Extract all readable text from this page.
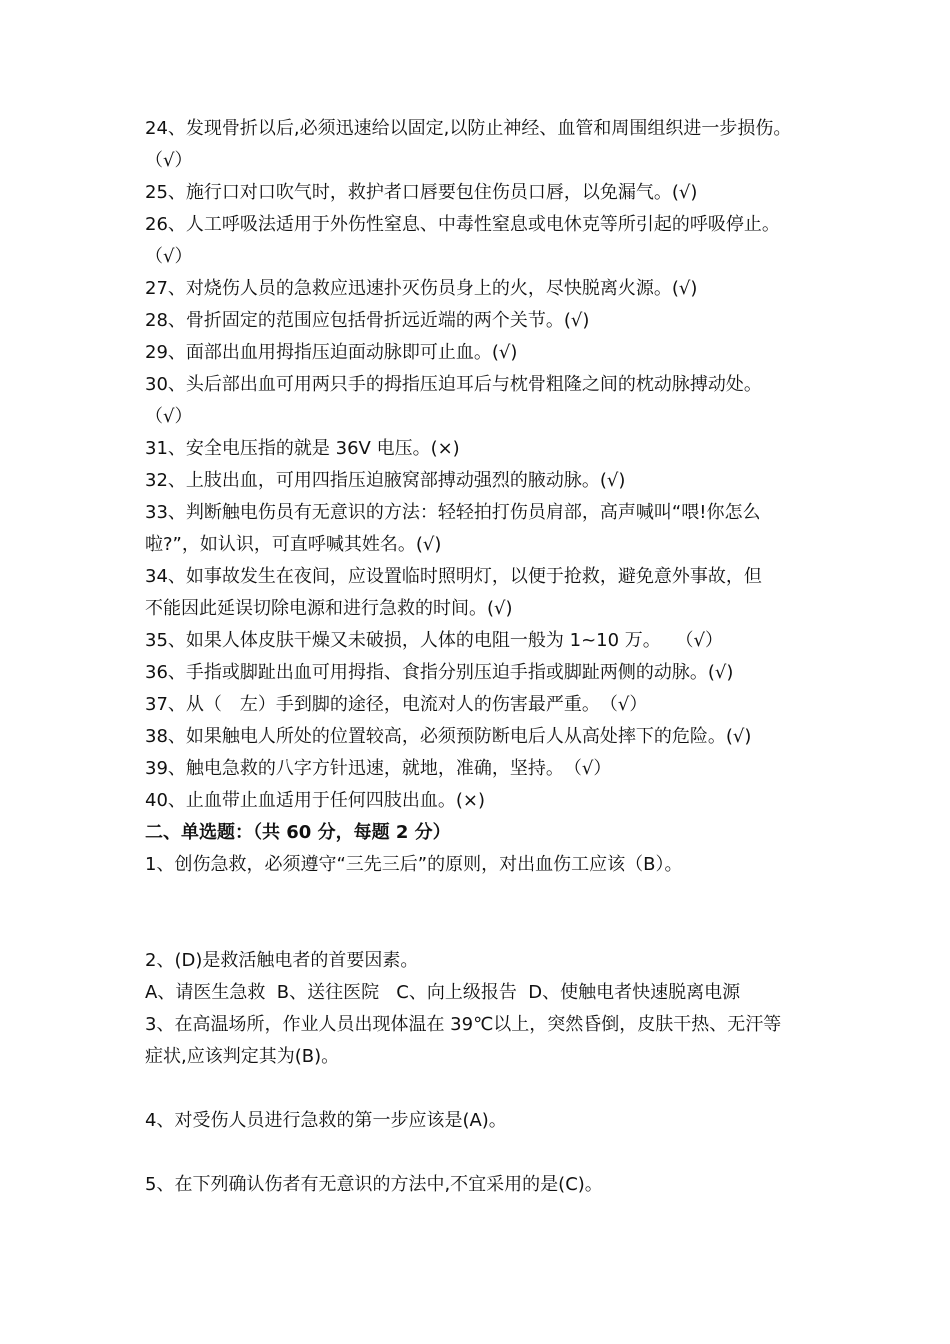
24、发现骨折以后,必须迅速给以固定,以防止神经、血管和周围组织进一步损伤。
（√）
25、施行口对口吹气时，救护者口唇要包住伤员口唇，以免漏气。(√)
26、人工呼吸法适用于外伤性窒息、中毒性窒息或电休克等所引起的呼吸停止。
（√）
27、对烧伤人员的急救应迅速扑灭伤员身上的火，尽快脱离火源。(√)
28、骨折固定的范围应包括骨折远近端的两个关节。(√)
29、面部出血用拇指压迫面动脉即可止血。(√)
30、头后部出血可用两只手的拇指压迫耳后与枕骨粗隆之间的枕动脉搏动处。
（√）
31、安全电压指的就是 36V 电压。(×)
32、上肢出血，可用四指压迫腋窝部搏动强烈的腋动脉。(√)
33、判断触电伤员有无意识的方法：轻轻拍打伤员肩部，高声喊叫“喂!你怎么
啦?”，如认识，可直呼喊其姓名。(√)
34、如事故发生在夜间，应设置临时照明灯，以便于抢救，避免意外事故，但
不能因此延误切除电源和进行急救的时间。(√)
35、如果人体皮肤干燥又未破损，人体的电阻一般为 1~10 万。　 （√）
36、手指或脚趾出血可用拇指、食指分别压迫手指或脚趾两侧的动脉。(√)
37、从（　左）手到脚的途径，电流对人的伤害最严重。　（√）
38、如果触电人所处的位置较高，必须预防断电后人从高处摔下的危险。(√)
39、触电急救的八字方针迅速，就地，准确，坚持。　（√）
40、止血带止血适用于任何四肢出血。(×)
二、单选题：（共 60 分，每题 2 分）
1、创伤急救，必须遵守“三先三后”的原则，对出血伤工应该（B）。

2、(D)是救活触电者的首要因素。
A、请医生急救  B、送往医院   C、向上级报告  D、使触电者快速脱离电源
3、在高温场所，作业人员出现体温在 39℃以上，突然昏倒，皮肤干热、无汗等
症状,应该判定其为(B)。

4、对受伤人员进行急救的第一步应该是(A)。

5、在下列确认伤者有无意识的方法中,不宜采用的是(C)。
